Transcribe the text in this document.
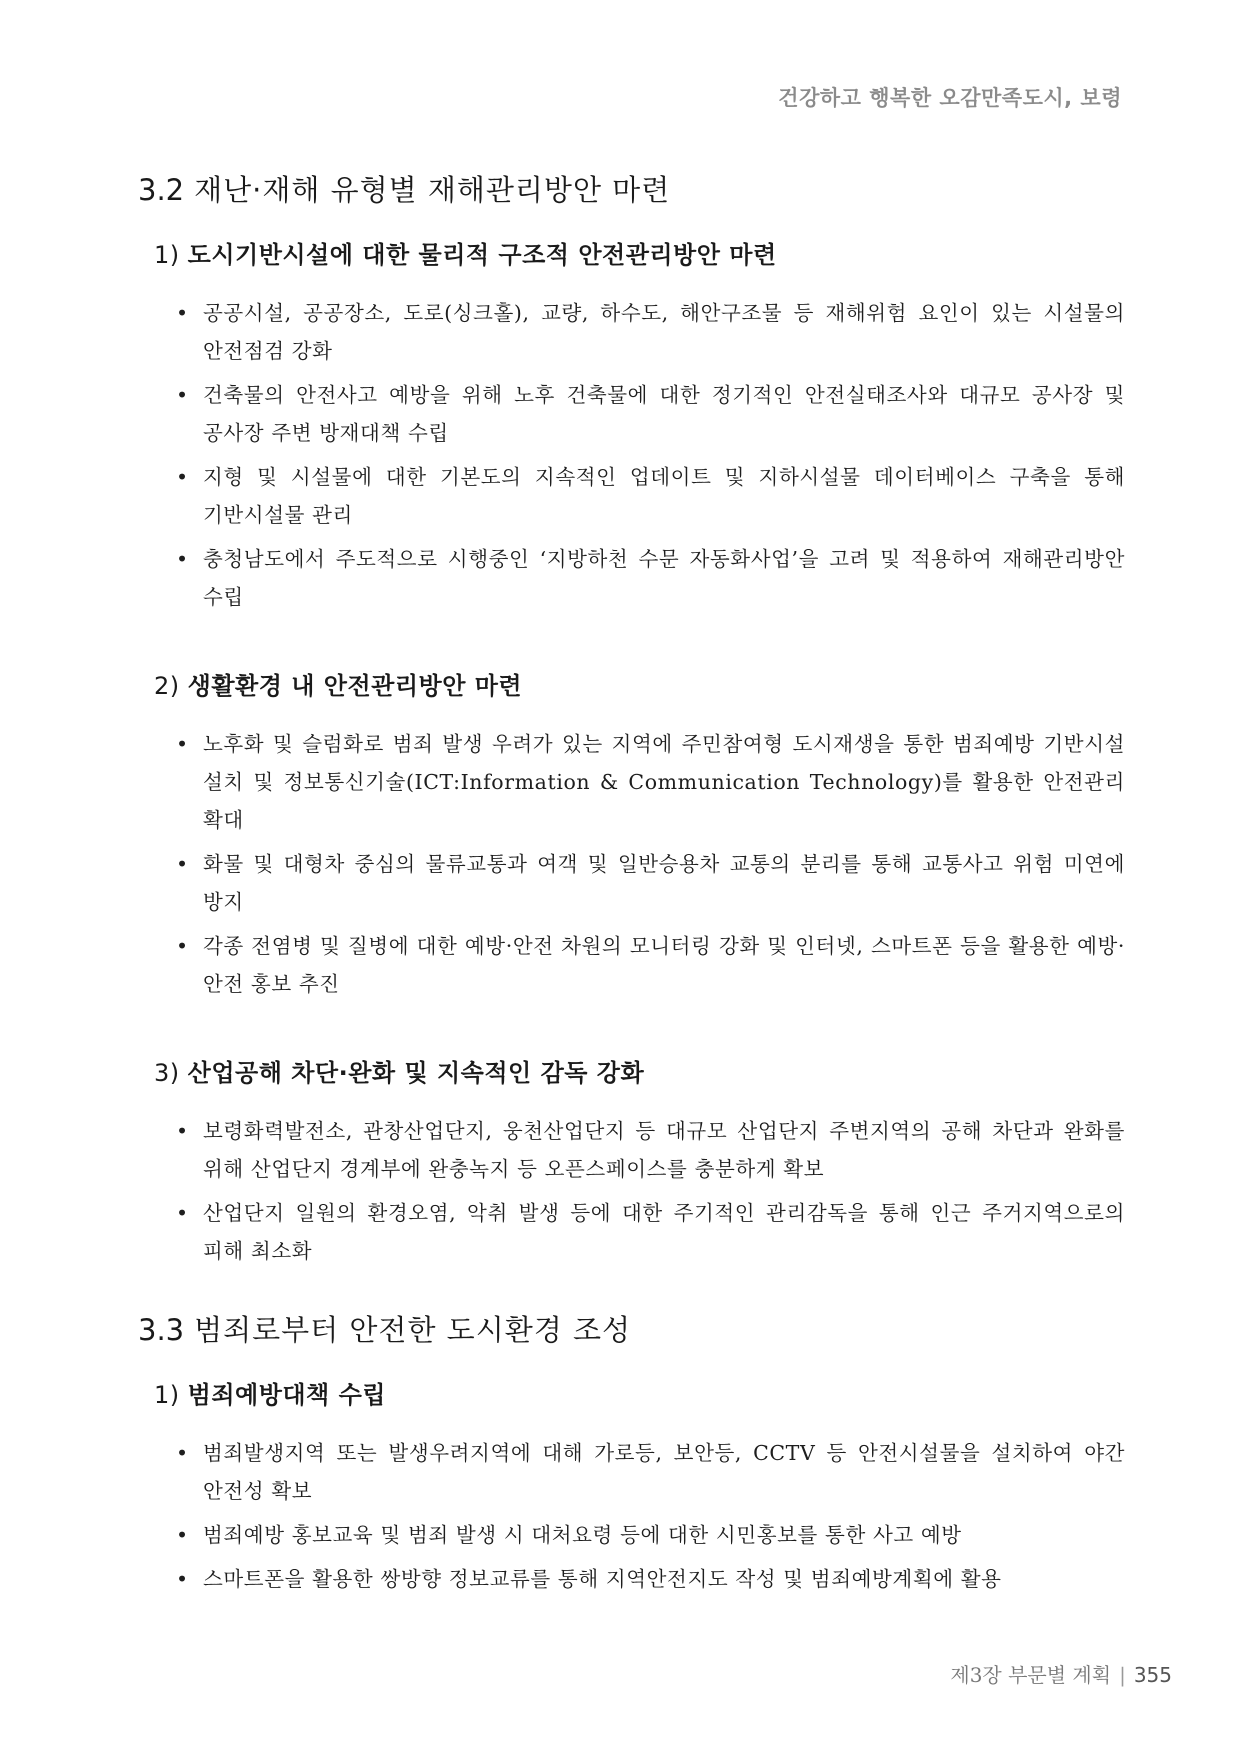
건강하고 행복한 오감만족도시, 보령
3.2 재난·재해 유형별 재해관리방안 마련
1) 도시기반시설에 대한 물리적 구조적 안전관리방안 마련
• 공공시설, 공공장소, 도로(싱크홀), 교량, 하수도, 해안구조물 등 재해위험 요인이 있는 시설물의 안전점검 강화
• 건축물의 안전사고 예방을 위해 노후 건축물에 대한 정기적인 안전실태조사와 대규모 공사장 및 공사장 주변 방재대책 수립
• 지형 및 시설물에 대한 기본도의 지속적인 업데이트 및 지하시설물 데이터베이스 구축을 통해 기반시설물 관리
• 충청남도에서 주도적으로 시행중인 ‘지방하천 수문 자동화사업’을 고려 및 적용하여 재해관리방안 수립
2) 생활환경 내 안전관리방안 마련
• 노후화 및 슬럼화로 범죄 발생 우려가 있는 지역에 주민참여형 도시재생을 통한 범죄예방 기반시설 설치 및 정보통신기술(ICT:Information & Communication Technology)를 활용한 안전관리 확대
• 화물 및 대형차 중심의 물류교통과 여객 및 일반승용차 교통의 분리를 통해 교통사고 위험 미연에 방지
• 각종 전염병 및 질병에 대한 예방·안전 차원의 모니터링 강화 및 인터넷, 스마트폰 등을 활용한 예방·안전 홍보 추진
3) 산업공해 차단·완화 및 지속적인 감독 강화
• 보령화력발전소, 관창산업단지, 웅천산업단지 등 대규모 산업단지 주변지역의 공해 차단과 완화를 위해 산업단지 경계부에 완충녹지 등 오픈스페이스를 충분하게 확보
• 산업단지 일원의 환경오염, 악취 발생 등에 대한 주기적인 관리감독을 통해 인근 주거지역으로의 피해 최소화
3.3 범죄로부터 안전한 도시환경 조성
1) 범죄예방대책 수립
• 범죄발생지역 또는 발생우려지역에 대해 가로등, 보안등, CCTV 등 안전시설물을 설치하여 야간 안전성 확보
• 범죄예방 홍보교육 및 범죄 발생 시 대처요령 등에 대한 시민홍보를 통한 사고 예방
• 스마트폰을 활용한 쌍방향 정보교류를 통해 지역안전지도 작성 및 범죄예방계획에 활용
제3장 부문별 계획 | 355
